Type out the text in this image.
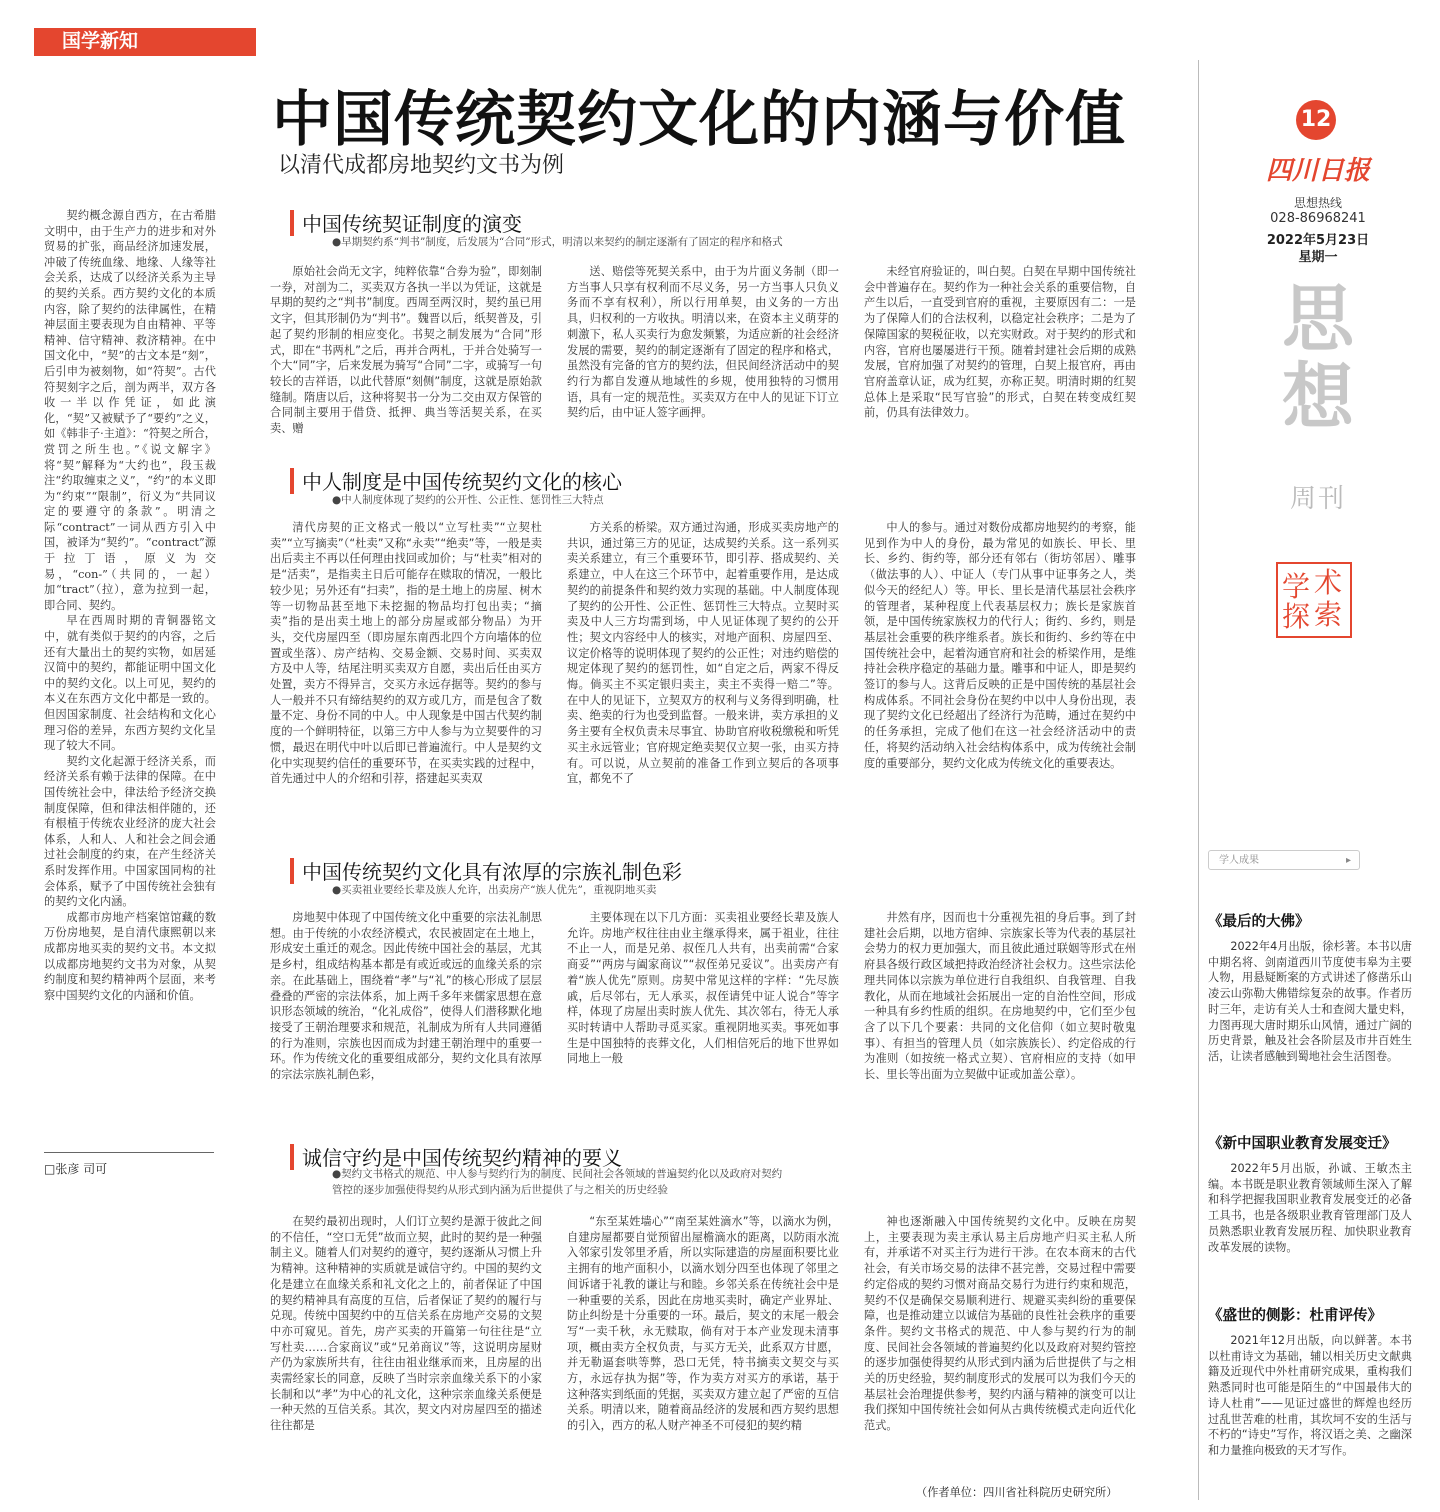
国学新知
中国传统契约文化的内涵与价值
以清代成都房地契约文书为例

契约概念源自西方，在古希腊文明中，由于生产力的进步和对外贸易的扩张，商品经济加速发展，冲破了传统血缘、地缘、人缘等社会关系，达成了以经济关系为主导的契约关系。西方契约文化的本质内容，除了契约的法律属性，在精神层面主要表现为自由精神、平等精神、信守精神、救济精神。在中国文化中，“契”的古文本是“刻”，后引申为被刻物，如“符契”。古代符契刻字之后，剖为两半，双方各收一半以作凭证，如此演化，“契”又被赋予了“要约”之义，如《韩非子·主道》：“符契之所合，赏罚之所生也。”《说文解字》将“契”解释为“大约也”，段玉裁注“约取缠束之义”，“约”的本义即为“约束”“限制”，衍义为“共同议定的要遵守的条款”。明清之际“contract”一词从西方引入中国，被译为“契约”。“contract”源于拉丁语，原义为交易，“con-”（共同的，一起）加“tract”（拉），意为拉到一起，即合同、契约。

早在西周时期的青铜器铭文中，就有类似于契约的内容，之后还有大量出土的契约实物，如居延汉简中的契约，都能证明中国文化中的契约文化。以上可见，契约的本义在东西方文化中都是一致的。但因国家制度、社会结构和文化心理习俗的差异，东西方契约文化呈现了较大不同。

契约文化起源于经济关系，而经济关系有赖于法律的保障。在中国传统社会中，律法给予经济交换制度保障，但和律法相伴随的，还有根植于传统农业经济的庞大社会体系，人和人、人和社会之间会通过社会制度的约束，在产生经济关系时发挥作用。中国家国同构的社会体系，赋予了中国传统社会独有的契约文化内涵。

成都市房地产档案馆馆藏的数万份房地契，是自清代康熙朝以来成都房地买卖的契约文书。本文拟以成都房地契约文书为对象，从契约制度和契约精神两个层面，来考察中国契约文化的内涵和价值。

□张彦 司可
中国传统契证制度的演变
●早期契约系“判书”制度，后发展为“合同”形式，明清以来契约的制定逐渐有了固定的程序和格式

原始社会尚无文字，纯粹依靠“合券为验”，即刻制一券，对剖为二，买卖双方各执一半以为凭证，这就是早期的契约之“判书”制度。西周至两汉时，契约虽已用文字，但其形制仍为“判书”。魏晋以后，纸契普及，引起了契约形制的相应变化。书契之制发展为“合同”形式，即在“书两札”之后，再并合两札，于并合处骑写一个大“同”字，后来发展为骑写“合同”二字，或骑写一句较长的吉祥语，以此代替原“刻侧”制度，这就是原始款缝制。隋唐以后，这种将契书一分为二交由双方保管的合同制主要用于借贷、抵押、典当等活契关系，在买卖、赠

送、赔偿等死契关系中，由于为片面义务制（即一方当事人只享有权利而不尽义务，另一方当事人只负义务而不享有权利），所以行用单契，由义务的一方出具，归权利的一方收执。明清以来，在资本主义萌芽的刺激下，私人买卖行为愈发频繁，为适应新的社会经济发展的需要，契约的制定逐渐有了固定的程序和格式，虽然没有完备的官方的契约法，但民间经济活动中的契约行为都自发遵从地域性的乡规，使用独特的习惯用语，具有一定的规范性。买卖双方在中人的见证下订立契约后，由中证人签字画押。

未经官府验证的，叫白契。白契在早期中国传统社会中普遍存在。契约作为一种社会关系的重要信物，自产生以后，一直受到官府的重视，主要原因有二：一是为了保障人们的合法权利，以稳定社会秩序；二是为了保障国家的契税征收，以充实财政。对于契约的形式和内容，官府也屡屡进行干预。随着封建社会后期的成熟发展，官府加强了对契约的管理，白契上报官府，再由官府盖章认证，成为红契，亦称正契。明清时期的红契总体上是采取“民写官验”的形式，白契在转变成红契前，仍具有法律效力。

中人制度是中国传统契约文化的核心
●中人制度体现了契约的公开性、公正性、惩罚性三大特点

清代房契的正文格式一般以“立写杜卖”“立契杜卖”“立写摘卖”（“杜卖”又称“永卖”“绝卖”等，一般是卖出后卖主不再以任何理由找回或加价；与“杜卖”相对的是“活卖”，是指卖主日后可能存在赎取的情况，一般比较少见；另外还有“扫卖”，指的是土地上的房屋、树木等一切物品甚至地下未挖掘的物品均打包出卖；“摘卖”指的是出卖土地上的部分房屋或部分物品）为开头，交代房屋四至（即房屋东南西北四个方向墙体的位置或坐落）、房产结构、交易金额、交易时间、买卖双方及中人等，结尾注明买卖双方自愿，卖出后任由买方处置，卖方不得异言，交买方永远存据等。契约的参与人一般并不只有缔结契约的双方或几方，而是包含了数量不定、身份不同的中人。中人现象是中国古代契约制度的一个鲜明特征，以第三方中人参与为立契要件的习惯，最迟在明代中叶以后即已普遍流行。中人是契约文化中实现契约信任的重要环节，在买卖实践的过程中，首先通过中人的介绍和引荐，搭建起买卖双

方关系的桥梁。双方通过沟通，形成买卖房地产的共识，通过第三方的见证，达成契约关系。这一系列买卖关系建立，有三个重要环节，即引荐、搭成契约、关系建立，中人在这三个环节中，起着重要作用，是达成契约的前提条件和契约效力实现的基础。中人制度体现了契约的公开性、公正性、惩罚性三大特点。立契时买卖及中人三方均需到场，中人见证体现了契约的公开性；契文内容经中人的核实，对地产面积、房屋四至、议定价格等的说明体现了契约的公正性；对违约赔偿的规定体现了契约的惩罚性，如“自定之后，两家不得反悔。倘买主不买定银归卖主，卖主不卖得一赔二”等。在中人的见证下，立契双方的权利与义务得到明确，杜卖、绝卖的行为也受到监督。一般来讲，卖方承担的义务主要有全权负责未尽事宜、协助官府收税缴税和听凭买主永远管业；官府规定绝卖契仅立契一张，由买方持有。可以说，从立契前的准备工作到立契后的各项事宜，都免不了

中人的参与。通过对数份成都房地契约的考察，能见到作为中人的身份，最为常见的如族长、甲长、里长、乡约、街约等，部分还有邻右（街坊邻居）、雕事（做法事的人）、中证人（专门从事中证事务之人，类似今天的经纪人）等。甲长、里长是清代基层社会秩序的管理者，某种程度上代表基层权力；族长是家族首领，是中国传统家族权力的代行人；街约、乡约，则是基层社会重要的秩序维系者。族长和街约、乡约等在中国传统社会中，起着沟通官府和社会的桥梁作用，是维持社会秩序稳定的基础力量。雕事和中证人，即是契约签订的参与人。这背后反映的正是中国传统的基层社会构成体系。不同社会身份在契约中以中人身份出现，表现了契约文化已经超出了经济行为范畴，通过在契约中的任务承担，完成了他们在这一社会经济活动中的责任，将契约活动纳入社会结构体系中，成为传统社会制度的重要部分，契约文化成为传统文化的重要表达。

中国传统契约文化具有浓厚的宗族礼制色彩
●买卖祖业要经长辈及族人允许，出卖房产“族人优先”，重视阴地买卖

房地契中体现了中国传统文化中重要的宗法礼制思想。由于传统的小农经济模式，农民被固定在土地上，形成安土重迁的观念。因此传统中国社会的基层，尤其是乡村，组成结构基本都是有或近或远的血缘关系的宗亲。在此基础上，围绕着“孝”与“礼”的核心形成了层层叠叠的严密的宗法体系，加上两千多年来儒家思想在意识形态领域的统治，“化礼成俗”，使得人们潜移默化地接受了王朝治理要求和规范，礼制成为所有人共同遵循的行为准则，宗族也因而成为封建王朝治理中的重要一环。作为传统文化的重要组成部分，契约文化具有浓厚的宗法宗族礼制色彩，

主要体现在以下几方面：买卖祖业要经长辈及族人允许。房地产权往往由业主继承得来，属于祖业，往往不止一人，而是兄弟、叔侄几人共有，出卖前需“合家商妥”“两房与阖家商议”“叔侄弟兄妥议”。出卖房产有着“族人优先”原则。房契中常见这样的字样：“先尽族戚，后尽邻右，无人承买，叔侄请凭中证人说合”等字样，体现了房屋出卖时族人优先、其次邻右，待无人承买时转请中人帮助寻觅买家。重视阴地买卖。事死如事生是中国独特的丧葬文化，人们相信死后的地下世界如同地上一般

井然有序，因而也十分重视先祖的身后事。到了封建社会后期，以地方宿绅、宗族家长等为代表的基层社会势力的权力更加强大，而且彼此通过联姻等形式在州府县各级行政区域把持政治经济社会权力。这些宗法伦理共同体以宗族为单位进行自我组织、自我管理、自我教化，从而在地域社会拓展出一定的自治性空间，形成一种具有乡约性质的组织。在房地契约中，它们至少包含了以下几个要素：共同的文化信仰（如立契时敬鬼事）、有担当的管理人员（如宗族族长）、约定俗成的行为准则（如按统一格式立契）、官府相应的支持（如甲长、里长等出面为立契做中证或加盖公章）。

诚信守约是中国传统契约精神的要义
●契约文书格式的规范、中人参与契约行为的制度、民间社会各领域的普遍契约化以及政府对契约
管控的逐步加强使得契约从形式到内涵为后世提供了与之相关的历史经验

在契约最初出现时，人们订立契约是源于彼此之间的不信任，“空口无凭”故而立契，此时的契约是一种强制主义。随着人们对契约的遵守，契约逐渐从习惯上升为精神。这种精神的实质就是诚信守约。中国的契约文化是建立在血缘关系和礼文化之上的，前者保证了中国的契约精神具有高度的互信，后者保证了契约的履行与兑现。传统中国契约中的互信关系在房地产交易的文契中亦可窥见。首先，房产买卖的开篇第一句往往是“立写杜卖……合家商议”或“兄弟商议”等，这说明房屋财产仍为家族所共有，往往由祖业继承而来，且房屋的出卖需经家长的同意，反映了当时宗亲血缘关系下的小家长制和以“孝”为中心的礼文化，这种宗亲血缘关系便是一种天然的互信关系。其次，契文内对房屋四至的描述往往都是

“东至某姓墙心”“南至某姓滴水”等，以滴水为例，自建房屋都要自觉预留出屋檐滴水的距离，以防雨水流入邻家引发邻里矛盾，所以实际建造的房屋面积要比业主拥有的地产面积小，以滴水划分四至也体现了邻里之间诉诸于礼教的谦让与和睦。乡邻关系在传统社会中是一种重要的关系，因此在房地买卖时，确定产业界址、防止纠纷是十分重要的一环。最后，契文的末尾一般会写“一卖千秋，永无赎取，倘有对于本产业发现未清事项，概由卖方全权负责，与买方无关，此系双方甘愿，并无勒逼套哄等弊，恐口无凭，特书摘卖文契交与买方，永远存执为据”等，作为卖方对买方的承诺，基于这种落实到纸面的凭据，买卖双方建立起了严密的互信关系。明清以来，随着商品经济的发展和西方契约思想的引入，西方的私人财产神圣不可侵犯的契约精

神也逐渐融入中国传统契约文化中。反映在房契上，主要表现为卖主承认易主后房地产归买主私人所有，并承诺不对买主行为进行干涉。在农本商末的古代社会，有关市场交易的法律不甚完善，交易过程中需要约定俗成的契约习惯对商品交易行为进行约束和规范，契约不仅是确保交易顺利进行、规避买卖纠纷的重要保障，也是推动建立以诚信为基础的良性社会秩序的重要条件。契约文书格式的规范、中人参与契约行为的制度、民间社会各领域的普遍契约化以及政府对契约管控的逐步加强使得契约从形式到内涵为后世提供了与之相关的历史经验，契约制度形式的发展可以为我们今天的基层社会治理提供参考，契约内涵与精神的演变可以让我们探知中国传统社会如何从古典传统模式走向近代化范式。

（作者单位：四川省社科院历史研究所）
12
四川日报
思想热线
028-86968241
2022年5月23日
星期一
思
想
周刊
学 术
探 索
学人成果	▸
《最后的大佛》
2022年4月出版，徐杉著。本书以唐中期名将、剑南道西川节度使韦皋为主要人物，用悬疑断案的方式讲述了修凿乐山凌云山弥勒大佛错综复杂的故事。作者历时三年，走访有关人士和查阅大量史料，力图再现大唐时期乐山风情，通过广阔的历史背景，触及社会各阶层及市井百姓生活，让读者感触到蜀地社会生活图卷。
《新中国职业教育发展变迁》
2022年5月出版，孙诚、王敏杰主编。本书既是职业教育领域师生深入了解和科学把握我国职业教育发展变迁的必备工具书，也是各级职业教育管理部门及人员熟悉职业教育发展历程、加快职业教育改革发展的读物。
《盛世的侧影：杜甫评传》
2021年12月出版，向以鲜著。本书以杜甫诗文为基础，辅以相关历史文献典籍及近现代中外杜甫研究成果，重构我们熟悉同时也可能是陌生的“中国最伟大的诗人杜甫”——见证过盛世的辉煌也经历过乱世苦难的杜甫，其坎坷不安的生活与不朽的“诗史”写作，将汉语之美、之幽深和力量推向极致的天才写作。
